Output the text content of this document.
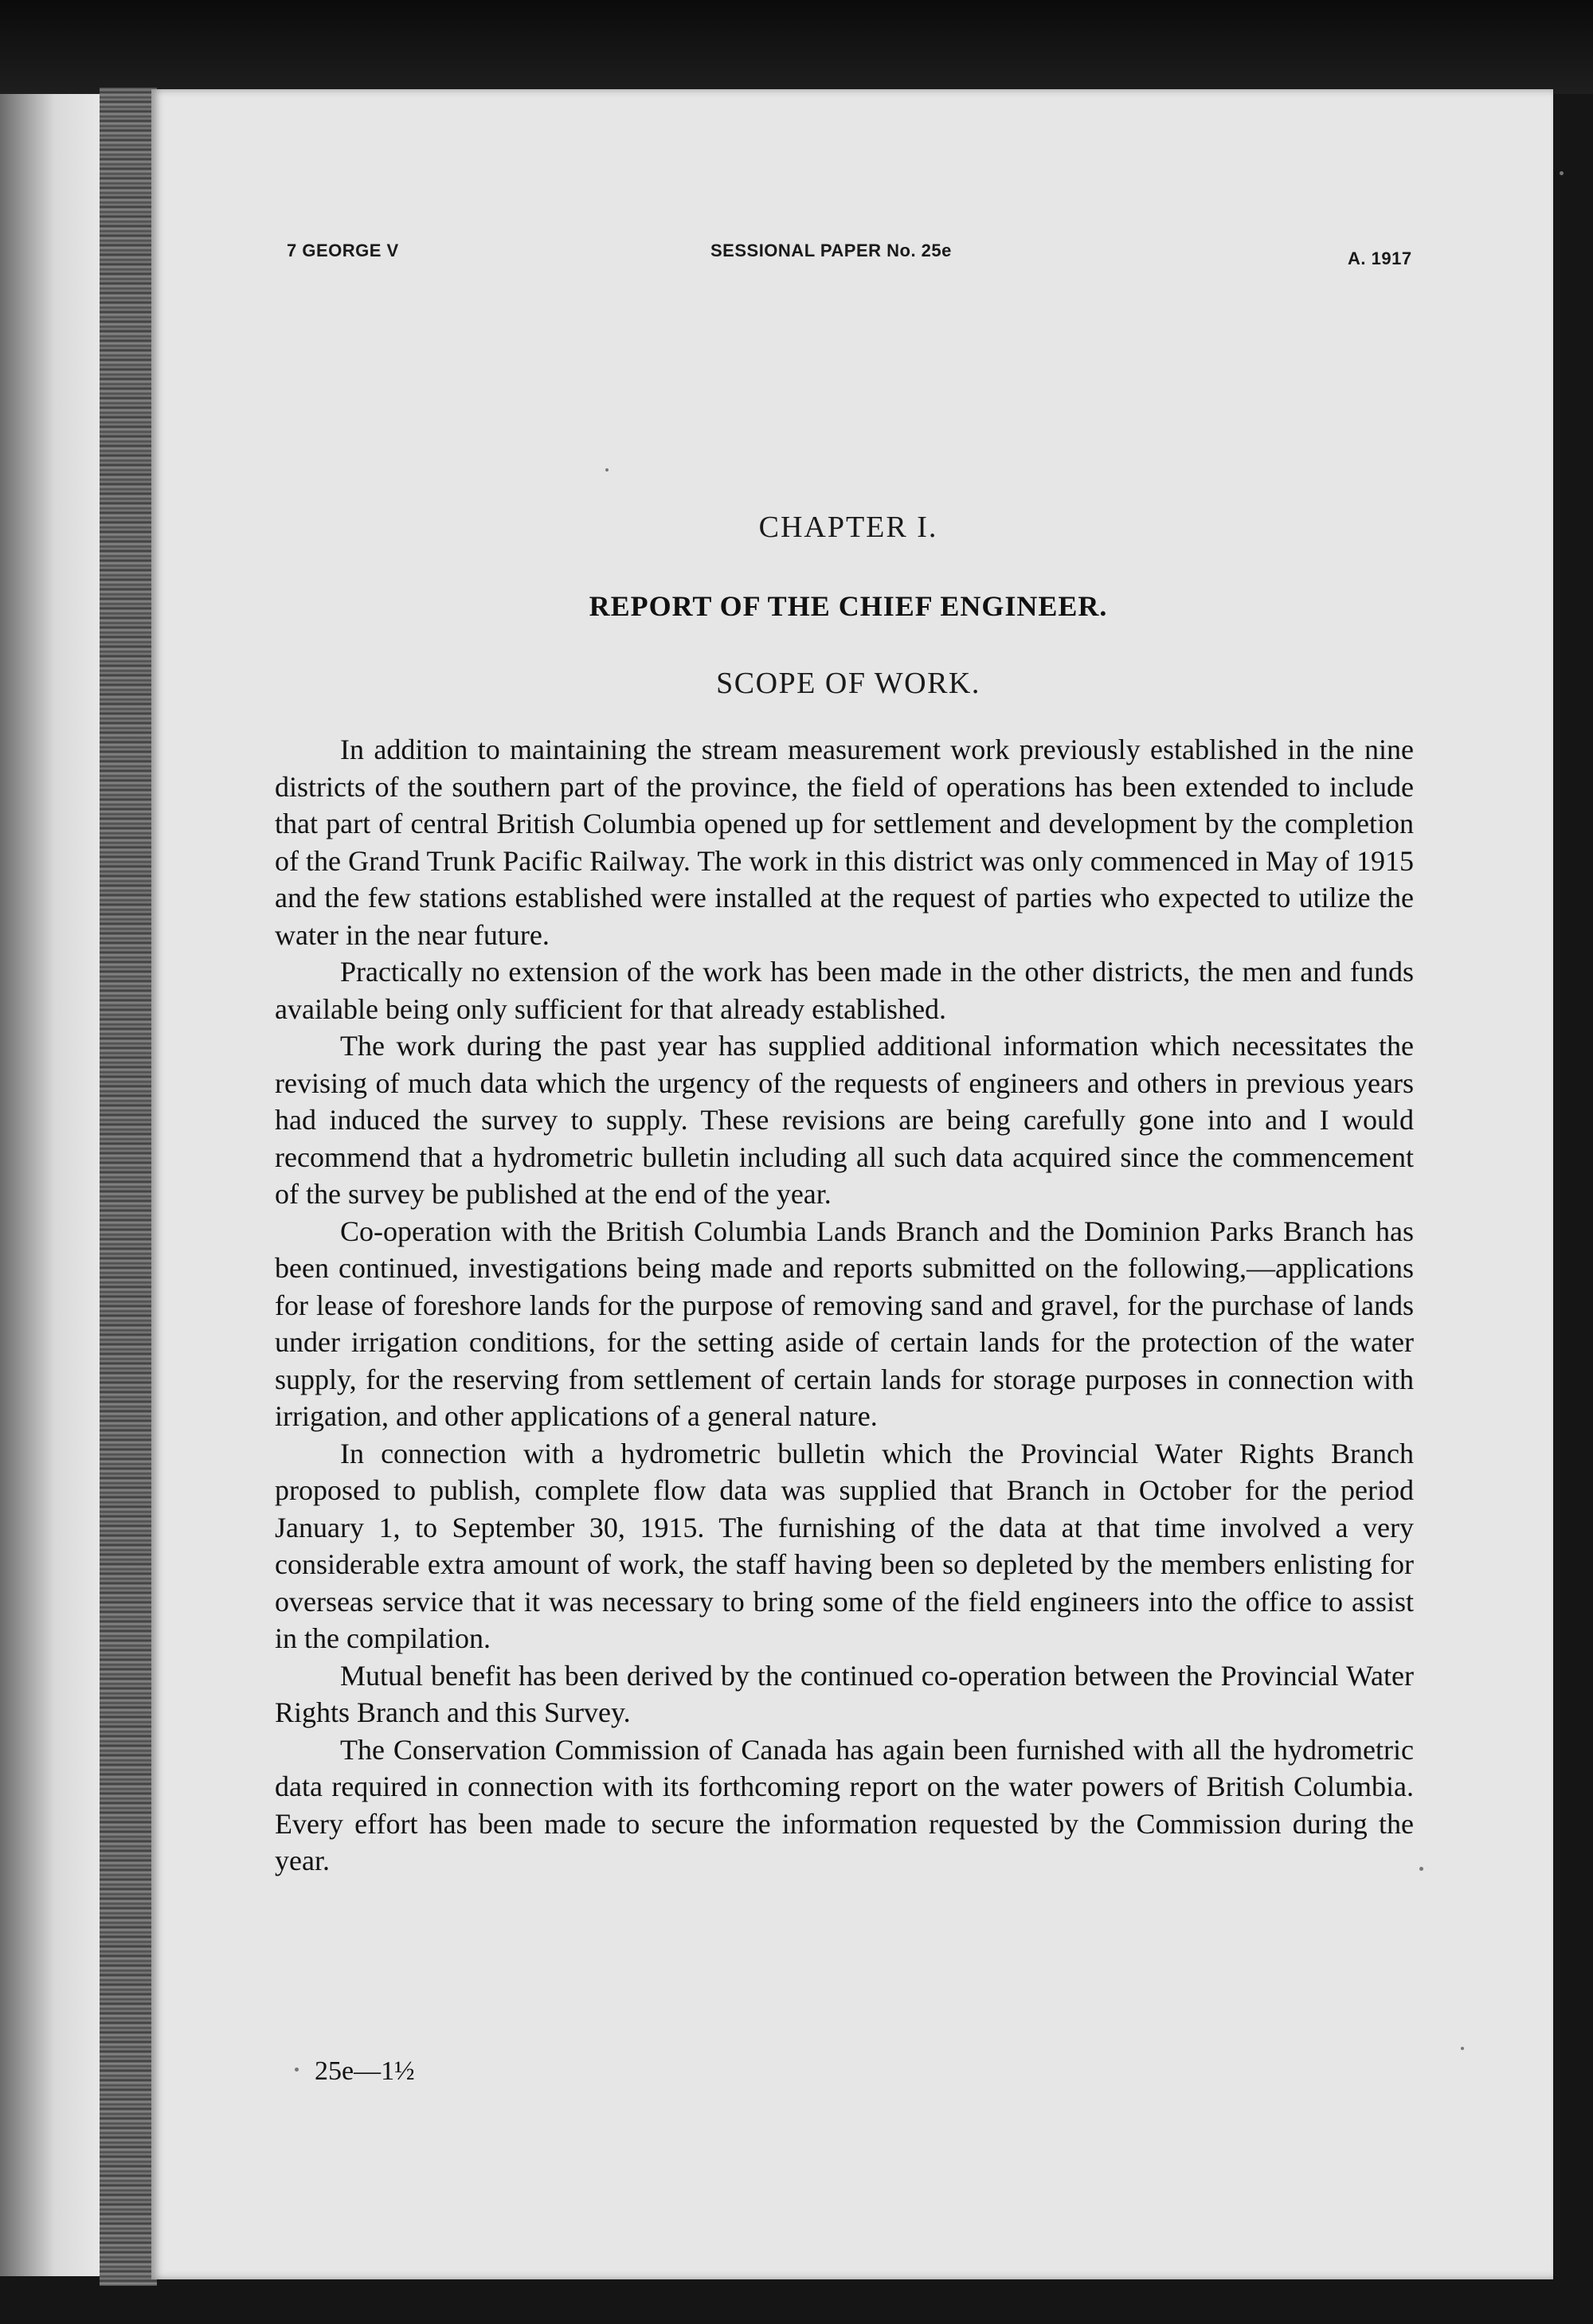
7 GEORGE V	SESSIONAL PAPER No. 25e	A. 1917
CHAPTER I.
REPORT OF THE CHIEF ENGINEER.
SCOPE OF WORK.

In addition to maintaining the stream measurement work previously established in the nine districts of the southern part of the province, the field of operations has been extended to include that part of central British Columbia opened up for settlement and development by the completion of the Grand Trunk Pacific Railway. The work in this district was only commenced in May of 1915 and the few stations established were installed at the request of parties who expected to utilize the water in the near future.

Practically no extension of the work has been made in the other districts, the men and funds available being only sufficient for that already established.

The work during the past year has supplied additional information which necessitates the revising of much data which the urgency of the requests of engineers and others in previous years had induced the survey to supply. These revisions are being carefully gone into and I would recommend that a hydrometric bulletin including all such data acquired since the commencement of the survey be published at the end of the year.

Co-operation with the British Columbia Lands Branch and the Dominion Parks Branch has been continued, investigations being made and reports submitted on the following,—applications for lease of foreshore lands for the purpose of removing sand and gravel, for the purchase of lands under irrigation conditions, for the setting aside of certain lands for the protection of the water supply, for the reserving from settlement of certain lands for storage purposes in connection with irrigation, and other applications of a general nature.

In connection with a hydrometric bulletin which the Provincial Water Rights Branch proposed to publish, complete flow data was supplied that Branch in October for the period January 1, to September 30, 1915. The furnishing of the data at that time involved a very considerable extra amount of work, the staff having been so depleted by the members enlisting for overseas service that it was necessary to bring some of the field engineers into the office to assist in the compilation.

Mutual benefit has been derived by the continued co-operation between the Provincial Water Rights Branch and this Survey.

The Conservation Commission of Canada has again been furnished with all the hydrometric data required in connection with its forthcoming report on the water powers of British Columbia. Every effort has been made to secure the information requested by the Commission during the year.

25e—1½
